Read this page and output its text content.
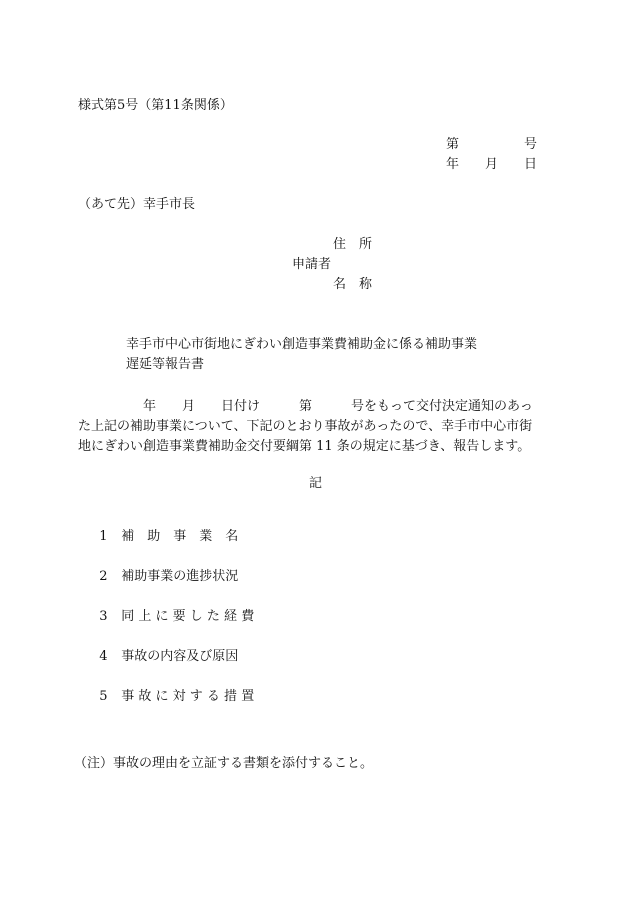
様式第5号（第11条関係）
第　　　　　号
年　　月　　日
（あて先）幸手市長
住　所
申請者
名　称
幸手市中心市街地にぎわい創造事業費補助金に係る補助事業
遅延等報告書
　　　　　年　　月　　日付け　　　第　　　号をもって交付決定通知のあっ
た上記の補助事業について、下記のとおり事故があったので、幸手市中心市街
地にぎわい創造事業費補助金交付要綱第 11 条の規定に基づき、報告します。
記

1 補　助　事　業　名

2 補助事業の進捗状況

3 同 上 に 要 し た 経 費

4 事故の内容及び原因

5 事 故 に 対 す る 措 置

（注）事故の理由を立証する書類を添付すること。
